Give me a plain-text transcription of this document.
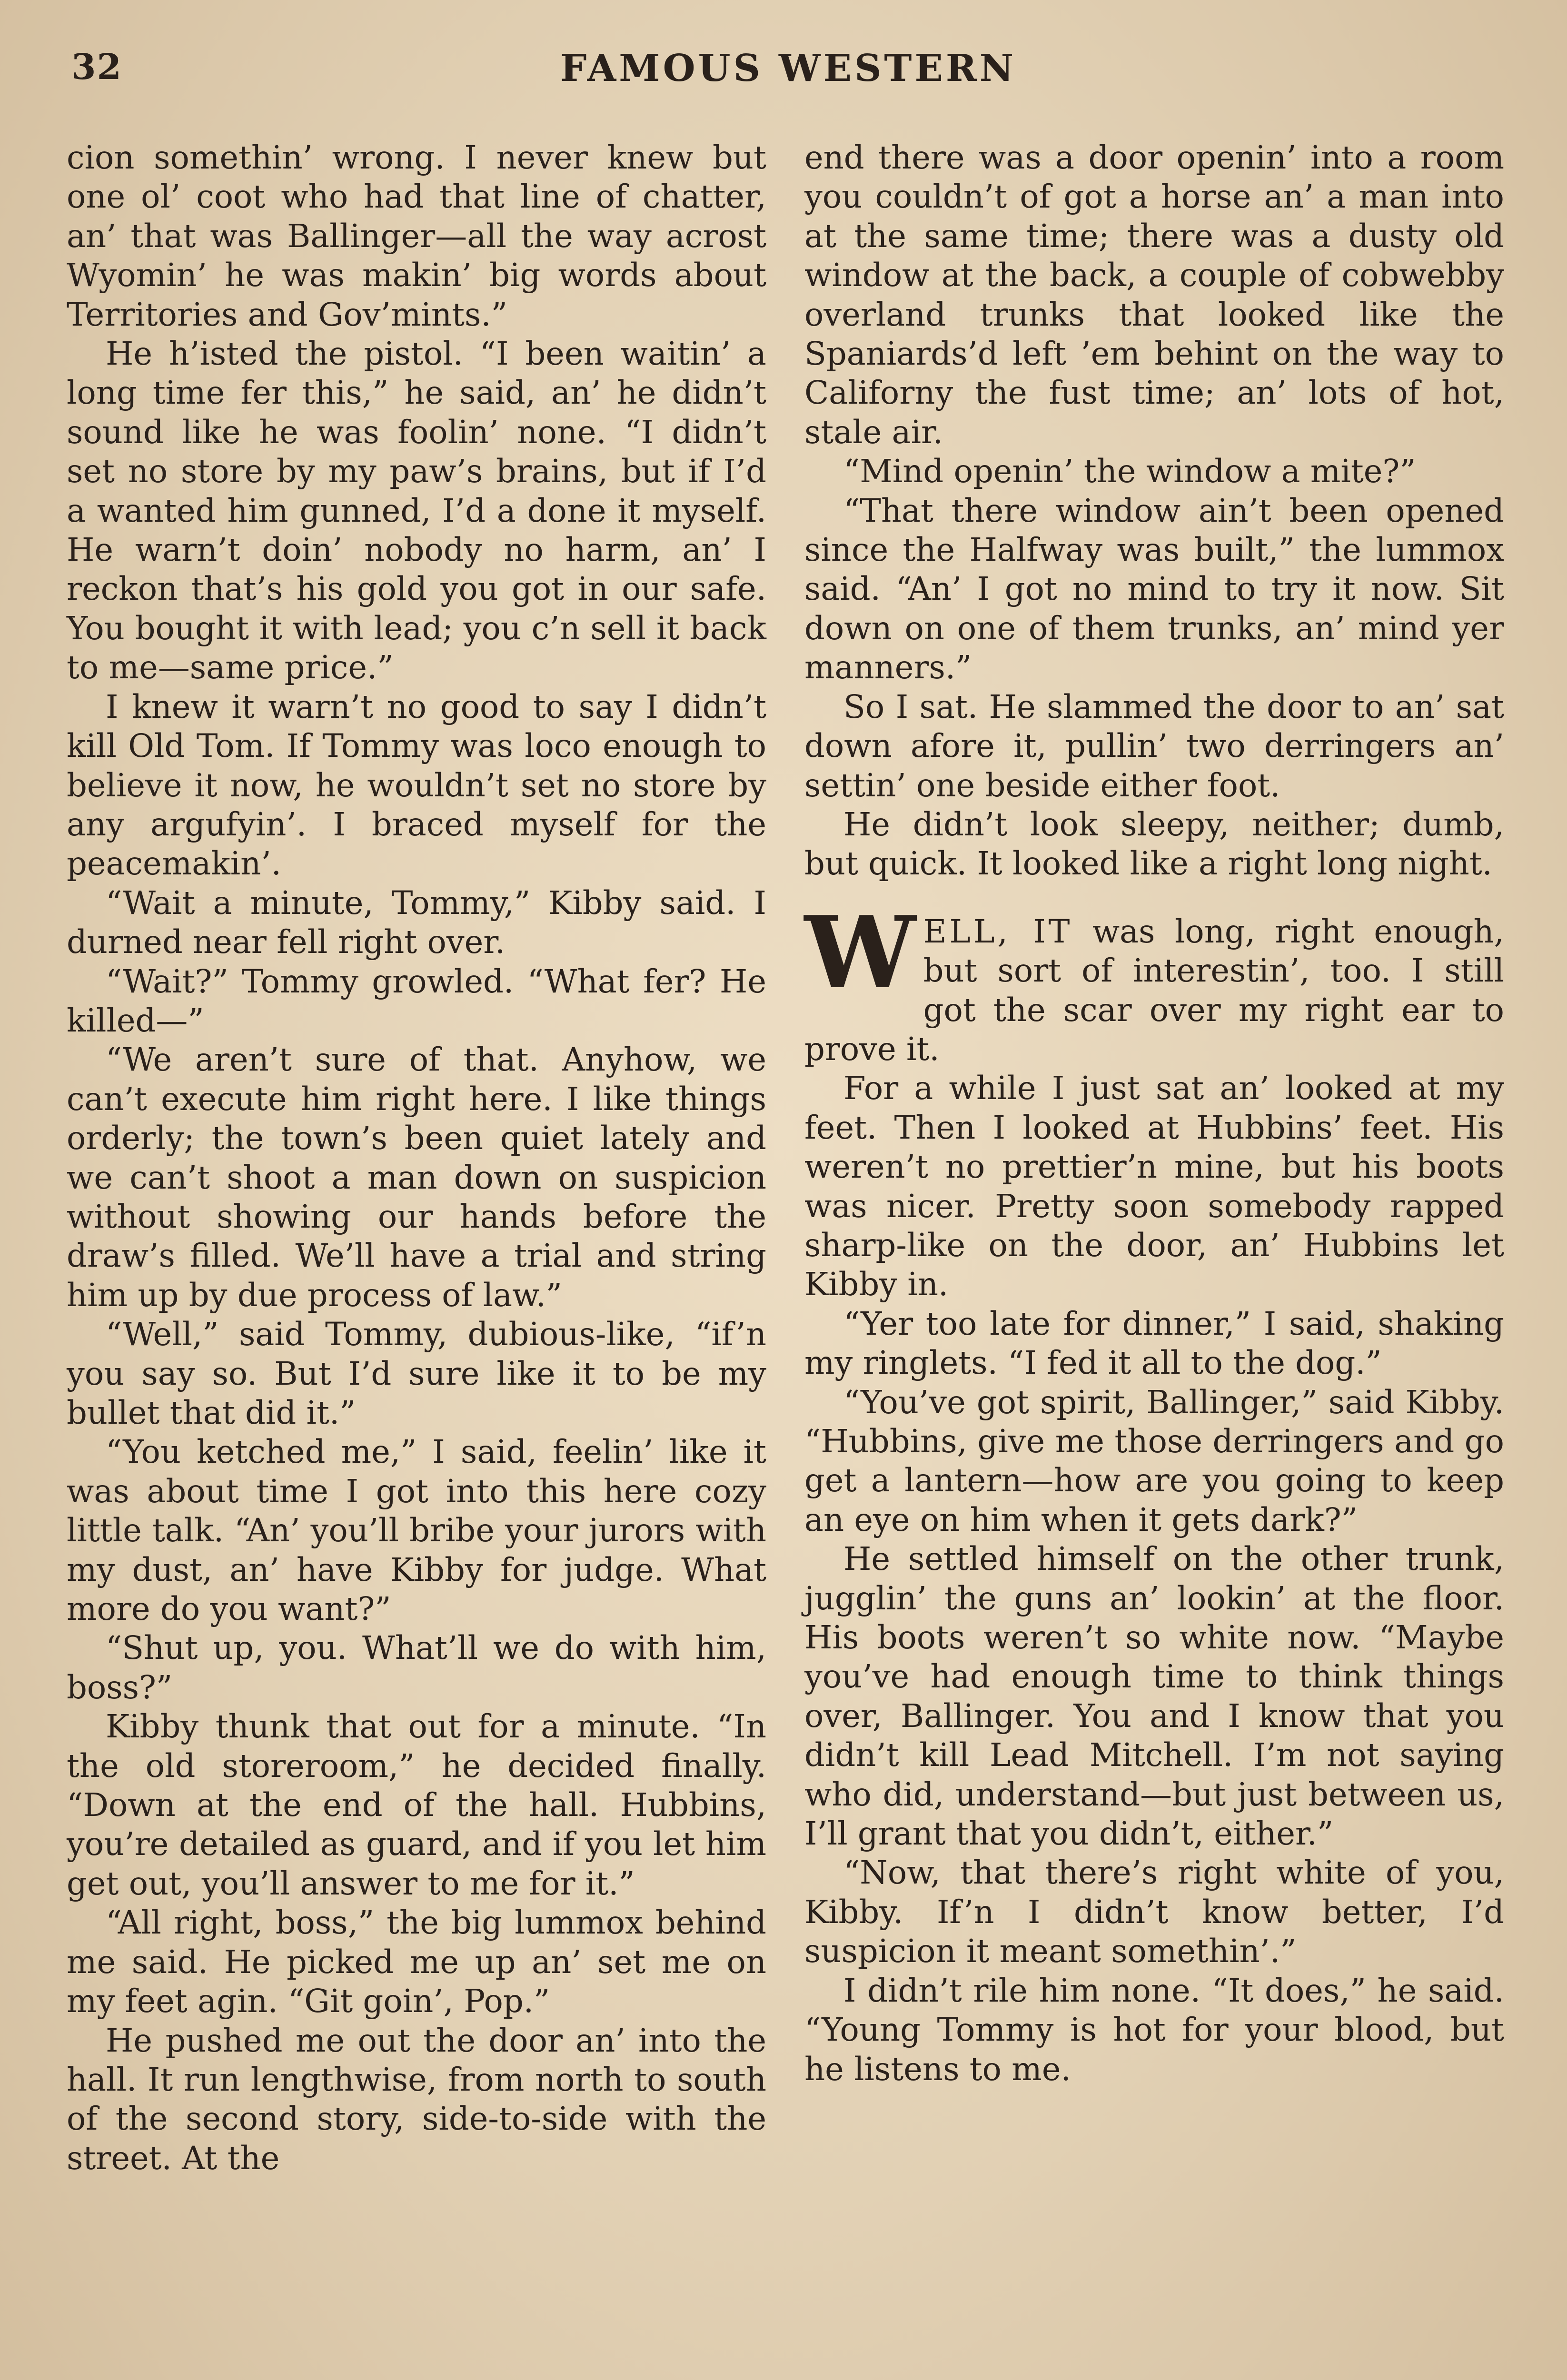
32	FAMOUS WESTERN

cion somethin’ wrong. I never knew but one ol’ coot who had that line of chatter, an’ that was Ballinger—all the way acrost Wyomin’ he was makin’ big words about Territories and Gov’mints.”

He h’isted the pistol. “I been waitin’ a long time fer this,” he said, an’ he didn’t sound like he was foolin’ none. “I didn’t set no store by my paw’s brains, but if I’d a wanted him gunned, I’d a done it myself. He warn’t doin’ nobody no harm, an’ I reckon that’s his gold you got in our safe. You bought it with lead; you c’n sell it back to me—same price.”

I knew it warn’t no good to say I didn’t kill Old Tom. If Tommy was loco enough to believe it now, he wouldn’t set no store by any argufyin’. I braced myself for the peacemakin’.

“Wait a minute, Tommy,” Kibby said. I durned near fell right over.

“Wait?” Tommy growled. “What fer? He killed—”

“We aren’t sure of that. Anyhow, we can’t execute him right here. I like things orderly; the town’s been quiet lately and we can’t shoot a man down on suspicion without showing our hands before the draw’s filled. We’ll have a trial and string him up by due process of law.”

“Well,” said Tommy, dubious-like, “if’n you say so. But I’d sure like it to be my bullet that did it.”

“You ketched me,” I said, feelin’ like it was about time I got into this here cozy little talk. “An’ you’ll bribe your jurors with my dust, an’ have Kibby for judge. What more do you want?”

“Shut up, you. What’ll we do with him, boss?”

Kibby thunk that out for a minute. “In the old storeroom,” he decided finally. “Down at the end of the hall. Hubbins, you’re detailed as guard, and if you let him get out, you’ll answer to me for it.”

“All right, boss,” the big lummox behind me said. He picked me up an’ set me on my feet agin. “Git goin’, Pop.”

He pushed me out the door an’ into the hall. It run lengthwise, from north to south of the second story, side-to-side with the street. At the

end there was a door openin’ into a room you couldn’t of got a horse an’ a man into at the same time; there was a dusty old window at the back, a couple of cobwebby overland trunks that looked like the Spaniards’d left ’em behint on the way to Californy the fust time; an’ lots of hot, stale air.

“Mind openin’ the window a mite?”

“That there window ain’t been opened since the Halfway was built,” the lummox said. “An’ I got no mind to try it now. Sit down on one of them trunks, an’ mind yer manners.”

So I sat. He slammed the door to an’ sat down afore it, pullin’ two derringers an’ settin’ one beside either foot.

He didn’t look sleepy, neither; dumb, but quick. It looked like a right long night.

WELL, IT was long, right enough, but sort of interestin’, too. I still got the scar over my right ear to prove it.

For a while I just sat an’ looked at my feet. Then I looked at Hubbins’ feet. His weren’t no prettier’n mine, but his boots was nicer. Pretty soon somebody rapped sharp-like on the door, an’ Hubbins let Kibby in.

“Yer too late for dinner,” I said, shaking my ringlets. “I fed it all to the dog.”

“You’ve got spirit, Ballinger,” said Kibby. “Hubbins, give me those derringers and go get a lantern—how are you going to keep an eye on him when it gets dark?”

He settled himself on the other trunk, jugglin’ the guns an’ lookin’ at the floor. His boots weren’t so white now. “Maybe you’ve had enough time to think things over, Ballinger. You and I know that you didn’t kill Lead Mitchell. I’m not saying who did, understand—but just between us, I’ll grant that you didn’t, either.”

“Now, that there’s right white of you, Kibby. If’n I didn’t know better, I’d suspicion it meant somethin’.”

I didn’t rile him none. “It does,” he said. “Young Tommy is hot for your blood, but he listens to me.
